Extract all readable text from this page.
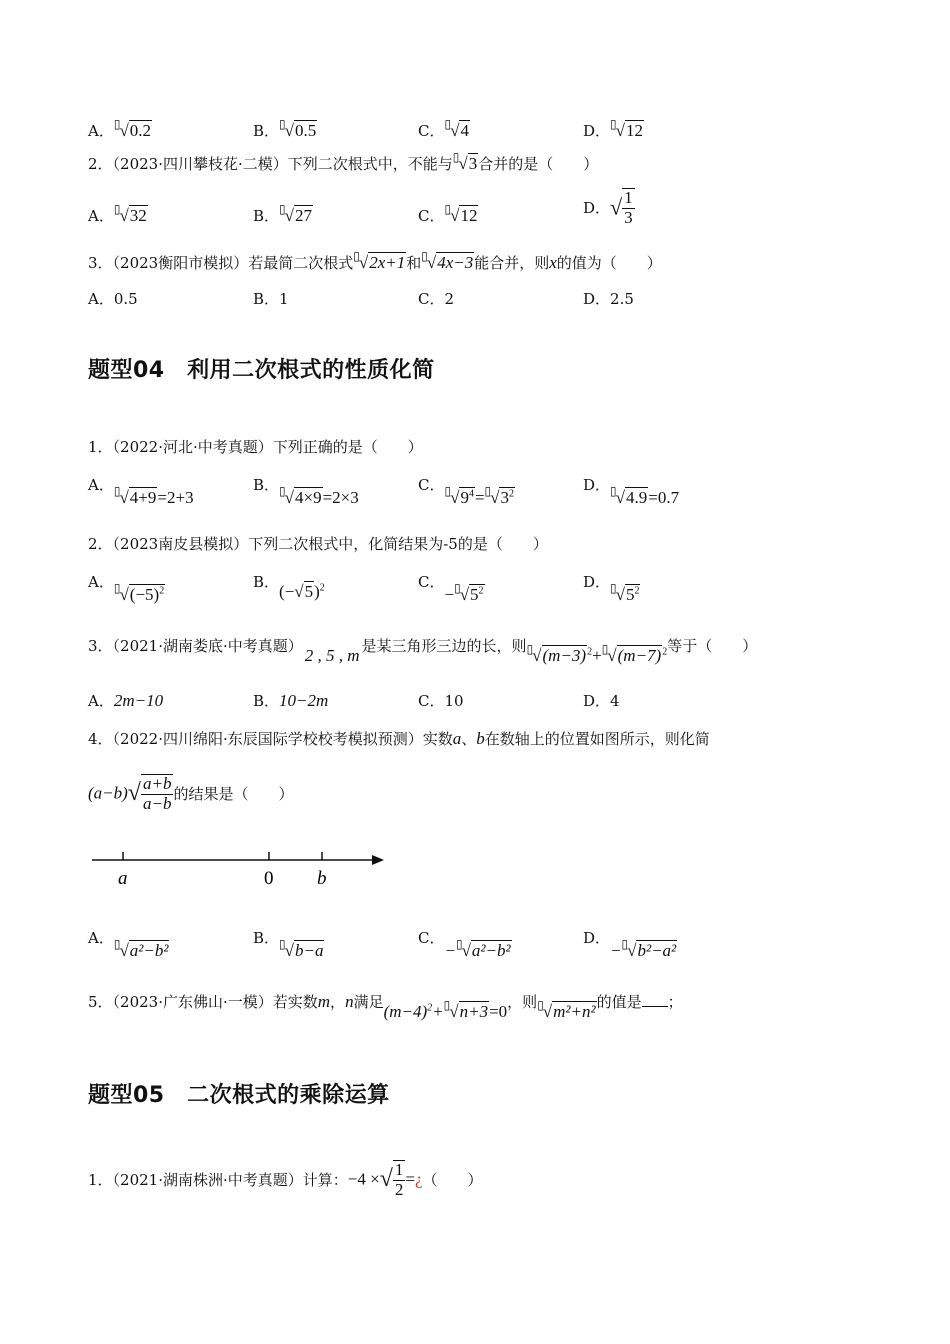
A．▯√0.2	B．▯√0.5	C．▯√4	D．▯√12
2．（2023·四川攀枝花·二模）下列二次根式中，不能与▯√3合并的是（　　）
A．▯√32	B．▯√27	C．▯√12	D．√ $\frac{1}{3}$
3．（2023衡阳市模拟）若最简二次根式▯√2x+1和▯√4x−3能合并，则x的值为（　　）
A．0.5	B．1	C．2	D．2.5
题型04　利用二次根式的性质化简
1．（2022·河北·中考真题）下列正确的是（　　）
A．▯√4+9=2+3
B．▯√4×9=2×3
C．$^▯√9^4=^▯√3^2$	D．▯√4.9=0.7
2．（2023南皮县模拟）下列二次根式中，化简结果为-5的是（　　）
A．$^▯√(-5)^2$	B．$(-√5)^2$	C．$-^▯√5^2$	D．$^▯√5^2$
3．（2021·湖南娄底·中考真题） 2 , 5 , m 是某三角形三边的长，则$^▯√(m-3)^2+^▯√(m-7)^2$等于（　　）
A．2m−10	B．10−2m	C．10	D．4
4．（2022·四川绵阳·东辰国际学校校考模拟预测）实数a、b在数轴上的位置如图所示，则化简
$(a-b)√ \frac{a+b}{a-b}$ 的结果是（　　）
a	0 b
A．▯√a²−b²
B．▯√b−a
C．−▯√a²−b²
D．−▯√b²−a²
5．（2023·广东佛山·一模）若实数m，n满足$(m-4)^2+^▯√n+3=0$，则▯√m²+n²的值是 ；
题型05　二次根式的乘除运算
1．（2021·湖南株洲·中考真题）计算：−4 ×√ $\frac{1}{2}$ =¿（　　）
